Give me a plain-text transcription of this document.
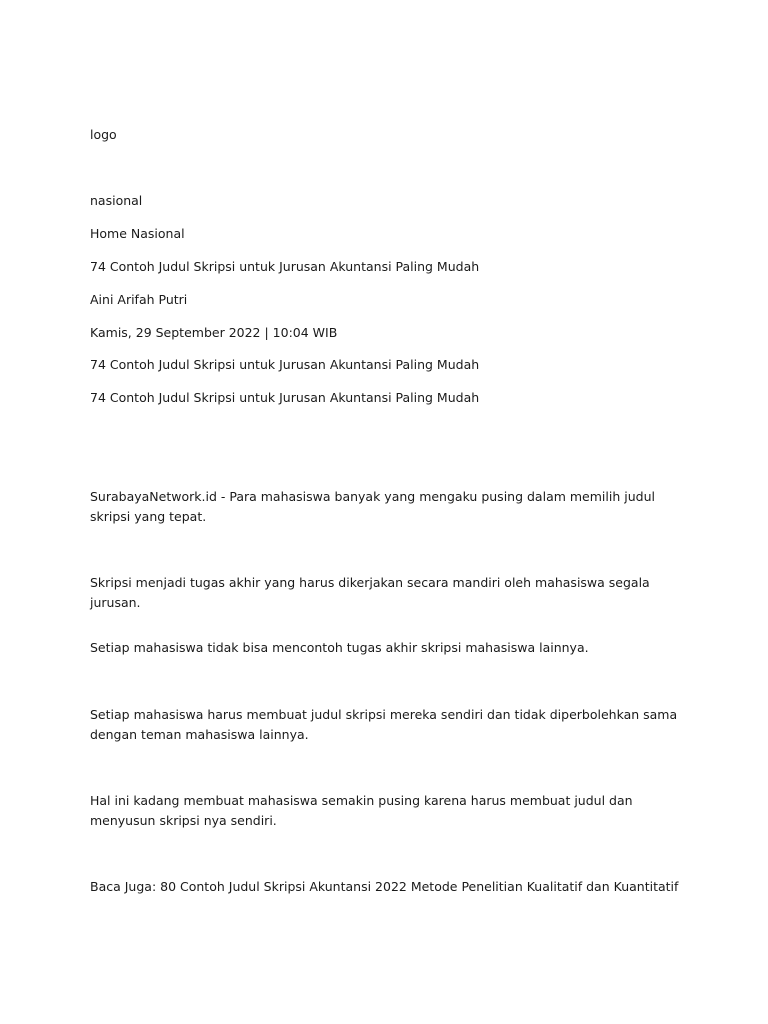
logo
nasional
Home Nasional
74 Contoh Judul Skripsi untuk Jurusan Akuntansi Paling Mudah
Aini Arifah Putri
Kamis, 29 September 2022 | 10:04 WIB
74 Contoh Judul Skripsi untuk Jurusan Akuntansi Paling Mudah
74 Contoh Judul Skripsi untuk Jurusan Akuntansi Paling Mudah
SurabayaNetwork.id - Para mahasiswa banyak yang mengaku pusing dalam memilih judul skripsi yang tepat.
Skripsi menjadi tugas akhir yang harus dikerjakan secara mandiri oleh mahasiswa segala jurusan.
Setiap mahasiswa tidak bisa mencontoh tugas akhir skripsi mahasiswa lainnya.
Setiap mahasiswa harus membuat judul skripsi mereka sendiri dan tidak diperbolehkan sama dengan teman mahasiswa lainnya.
Hal ini kadang membuat mahasiswa semakin pusing karena harus membuat judul dan menyusun skripsi nya sendiri.
Baca Juga: 80 Contoh Judul Skripsi Akuntansi 2022 Metode Penelitian Kualitatif dan Kuantitatif
